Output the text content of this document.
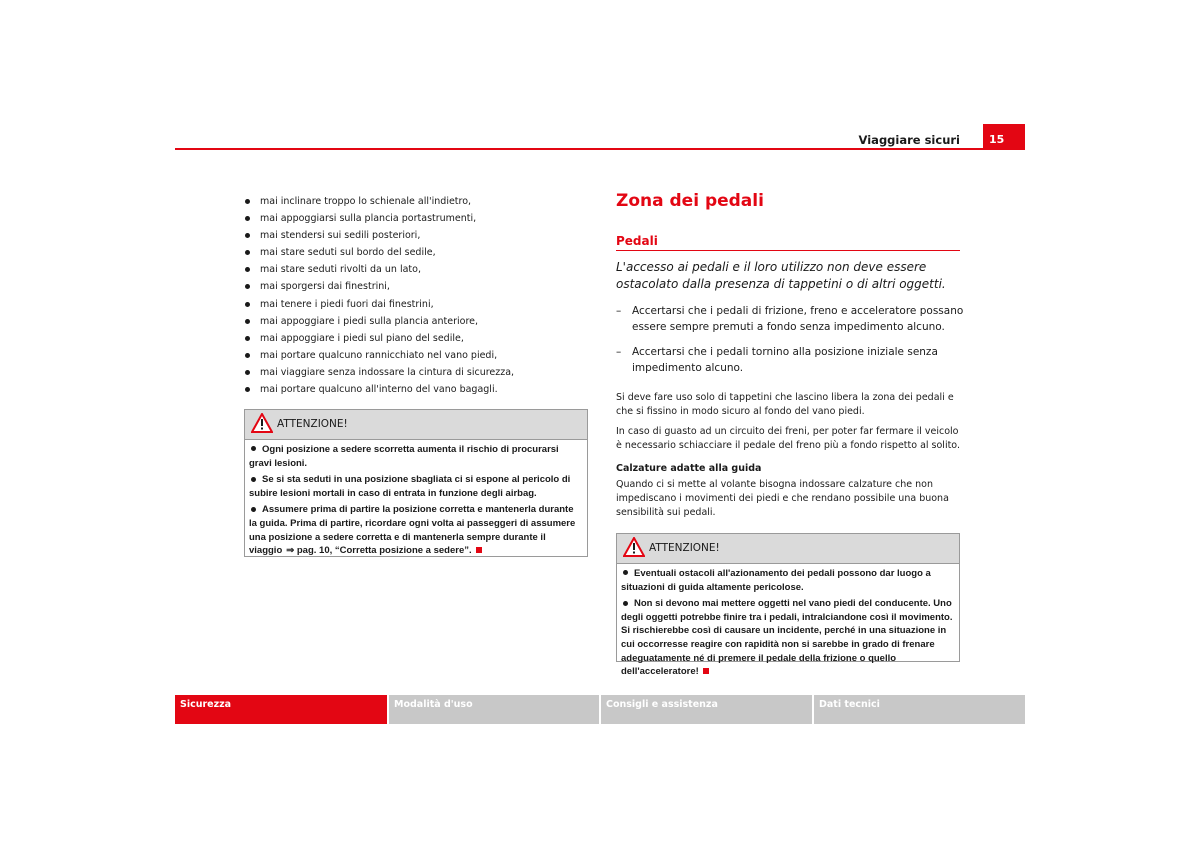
Viaggiare sicuri	15
mai inclinare troppo lo schienale all'indietro,
mai appoggiarsi sulla plancia portastrumenti,
mai stendersi sui sedili posteriori,
mai stare seduti sul bordo del sedile,
mai stare seduti rivolti da un lato,
mai sporgersi dai finestrini,
mai tenere i piedi fuori dai finestrini,
mai appoggiare i piedi sulla plancia anteriore,
mai appoggiare i piedi sul piano del sedile,
mai portare qualcuno rannicchiato nel vano piedi,
mai viaggiare senza indossare la cintura di sicurezza,
mai portare qualcuno all'interno del vano bagagli.
ATTENZIONE!
Ogni posizione a sedere scorretta aumenta il rischio di procurarsi gravi lesioni.
Se si sta seduti in una posizione sbagliata ci si espone al pericolo di subire lesioni mortali in caso di entrata in funzione degli airbag.
Assumere prima di partire la posizione corretta e mantenerla durante la guida. Prima di partire, ricordare ogni volta ai passeggeri di assumere una posizione a sedere corretta e di mantenerla sempre durante il viaggio ⇒ pag. 10, “Corretta posizione a sedere”.
Zona dei pedali
Pedali
L'accesso ai pedali e il loro utilizzo non deve essere ostacolato dalla presenza di tappetini o di altri oggetti.
– Accertarsi che i pedali di frizione, freno e acceleratore possano essere sempre premuti a fondo senza impedimento alcuno.
– Accertarsi che i pedali tornino alla posizione iniziale senza impedimento alcuno.

Si deve fare uso solo di tappetini che lascino libera la zona dei pedali e che si fissino in modo sicuro al fondo del vano piedi.

In caso di guasto ad un circuito dei freni, per poter far fermare il veicolo è necessario schiacciare il pedale del freno più a fondo rispetto al solito.

Calzature adatte alla guida

Quando ci si mette al volante bisogna indossare calzature che non impediscano i movimenti dei piedi e che rendano possibile una buona sensibilità sui pedali.

ATTENZIONE!
Eventuali ostacoli all'azionamento dei pedali possono dar luogo a situazioni di guida altamente pericolose.
Non si devono mai mettere oggetti nel vano piedi del conducente. Uno degli oggetti potrebbe finire tra i pedali, intralciandone così il movimento. Si rischierebbe così di causare un incidente, perché in una situazione in cui occorresse reagire con rapidità non si sarebbe in grado di frenare adeguatamente né di premere il pedale della frizione o quello dell'acceleratore!
Sicurezza	Modalità d'uso	Consigli e assistenza	Dati tecnici
